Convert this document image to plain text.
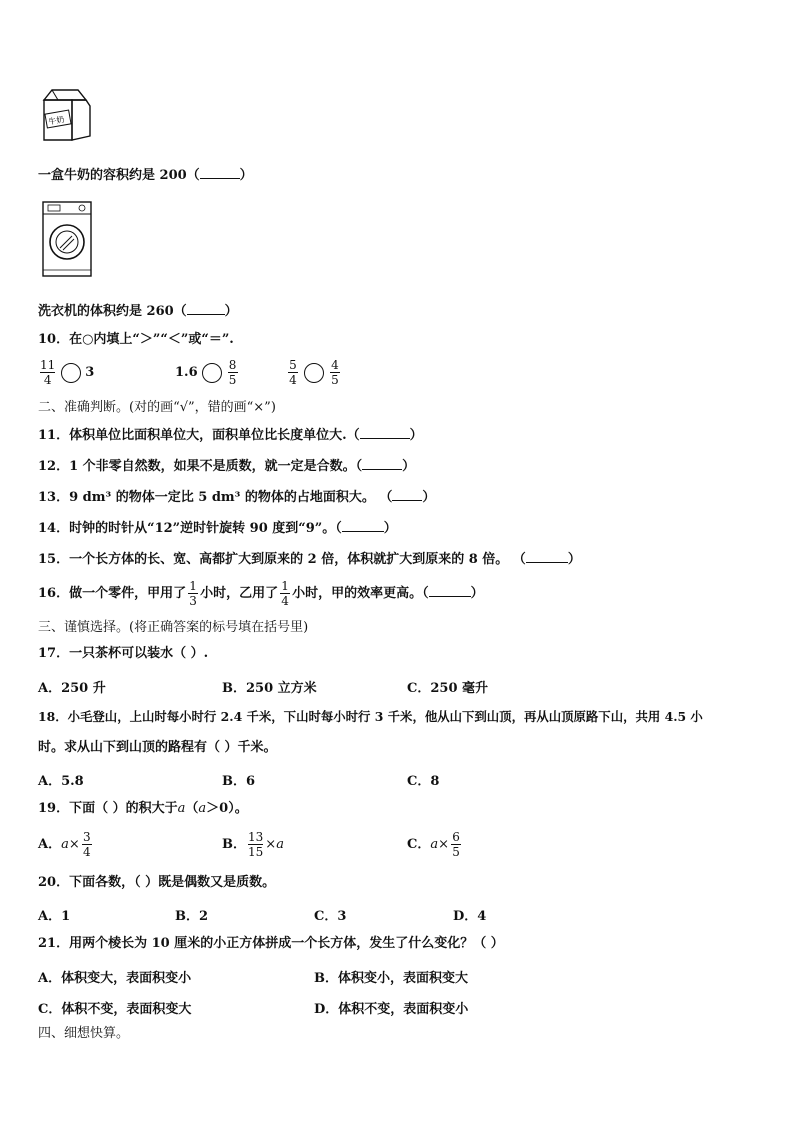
牛奶
一盒牛奶的容积约是 200（	）
洗衣机的体积约是 260（	）
10．在○内填上“＞”“＜”或“＝”.
$\frac{11}{4} 3$	1.6	$\frac{8}{5}$	$\frac{5}{4}$	$\frac{4}{5}$
二、准确判断。(对的画“√”，错的画“×”)
11．体积单位比面积单位大，面积单位比长度单位大.（	）
12．1 个非零自然数，如果不是质数，就一定是合数。（	）
13．9 dm³ 的物体一定比 5 dm³ 的物体的占地面积大。 （ ）
14．时钟的时针从“12”逆时针旋转 90 度到“9”。（	）
15．一个长方体的长、宽、高都扩大到原来的 2 倍，体积就扩大到原来的 8 倍。 （	）
16．做一个零件，甲用了 $\frac{1}{3}$ 小时，乙用了 $\frac{1}{4}$ 小时，甲的效率更高。（	）
三、谨慎选择。(将正确答案的标号填在括号里)
17．一只茶杯可以装水（ ）.
A．250 升	B．250 立方米	C．250 毫升
18．小毛登山，上山时每小时行 2.4 千米，下山时每小时行 3 千米，他从山下到山顶，再从山顶原路下山，共用 4.5 小
时。求从山下到山顶的路程有（ ）千米。
A．5.8	B．6	C．8
19．下面（ ）的积大于a（a＞0）。
A．$a\times \frac{3}{4}$	B． $\frac{13}{15} \times a$	C．$a\times \frac{6}{5}$
20．下面各数，（ ）既是偶数又是质数。
A．1	B．2	C．3	D．4
21．用两个棱长为 10 厘米的小正方体拼成一个长方体，发生了什么变化？（ ）
A．体积变大，表面积变小	B．体积变小，表面积变大
C．体积不变，表面积变大	D．体积不变，表面积变小
四、细想快算。
